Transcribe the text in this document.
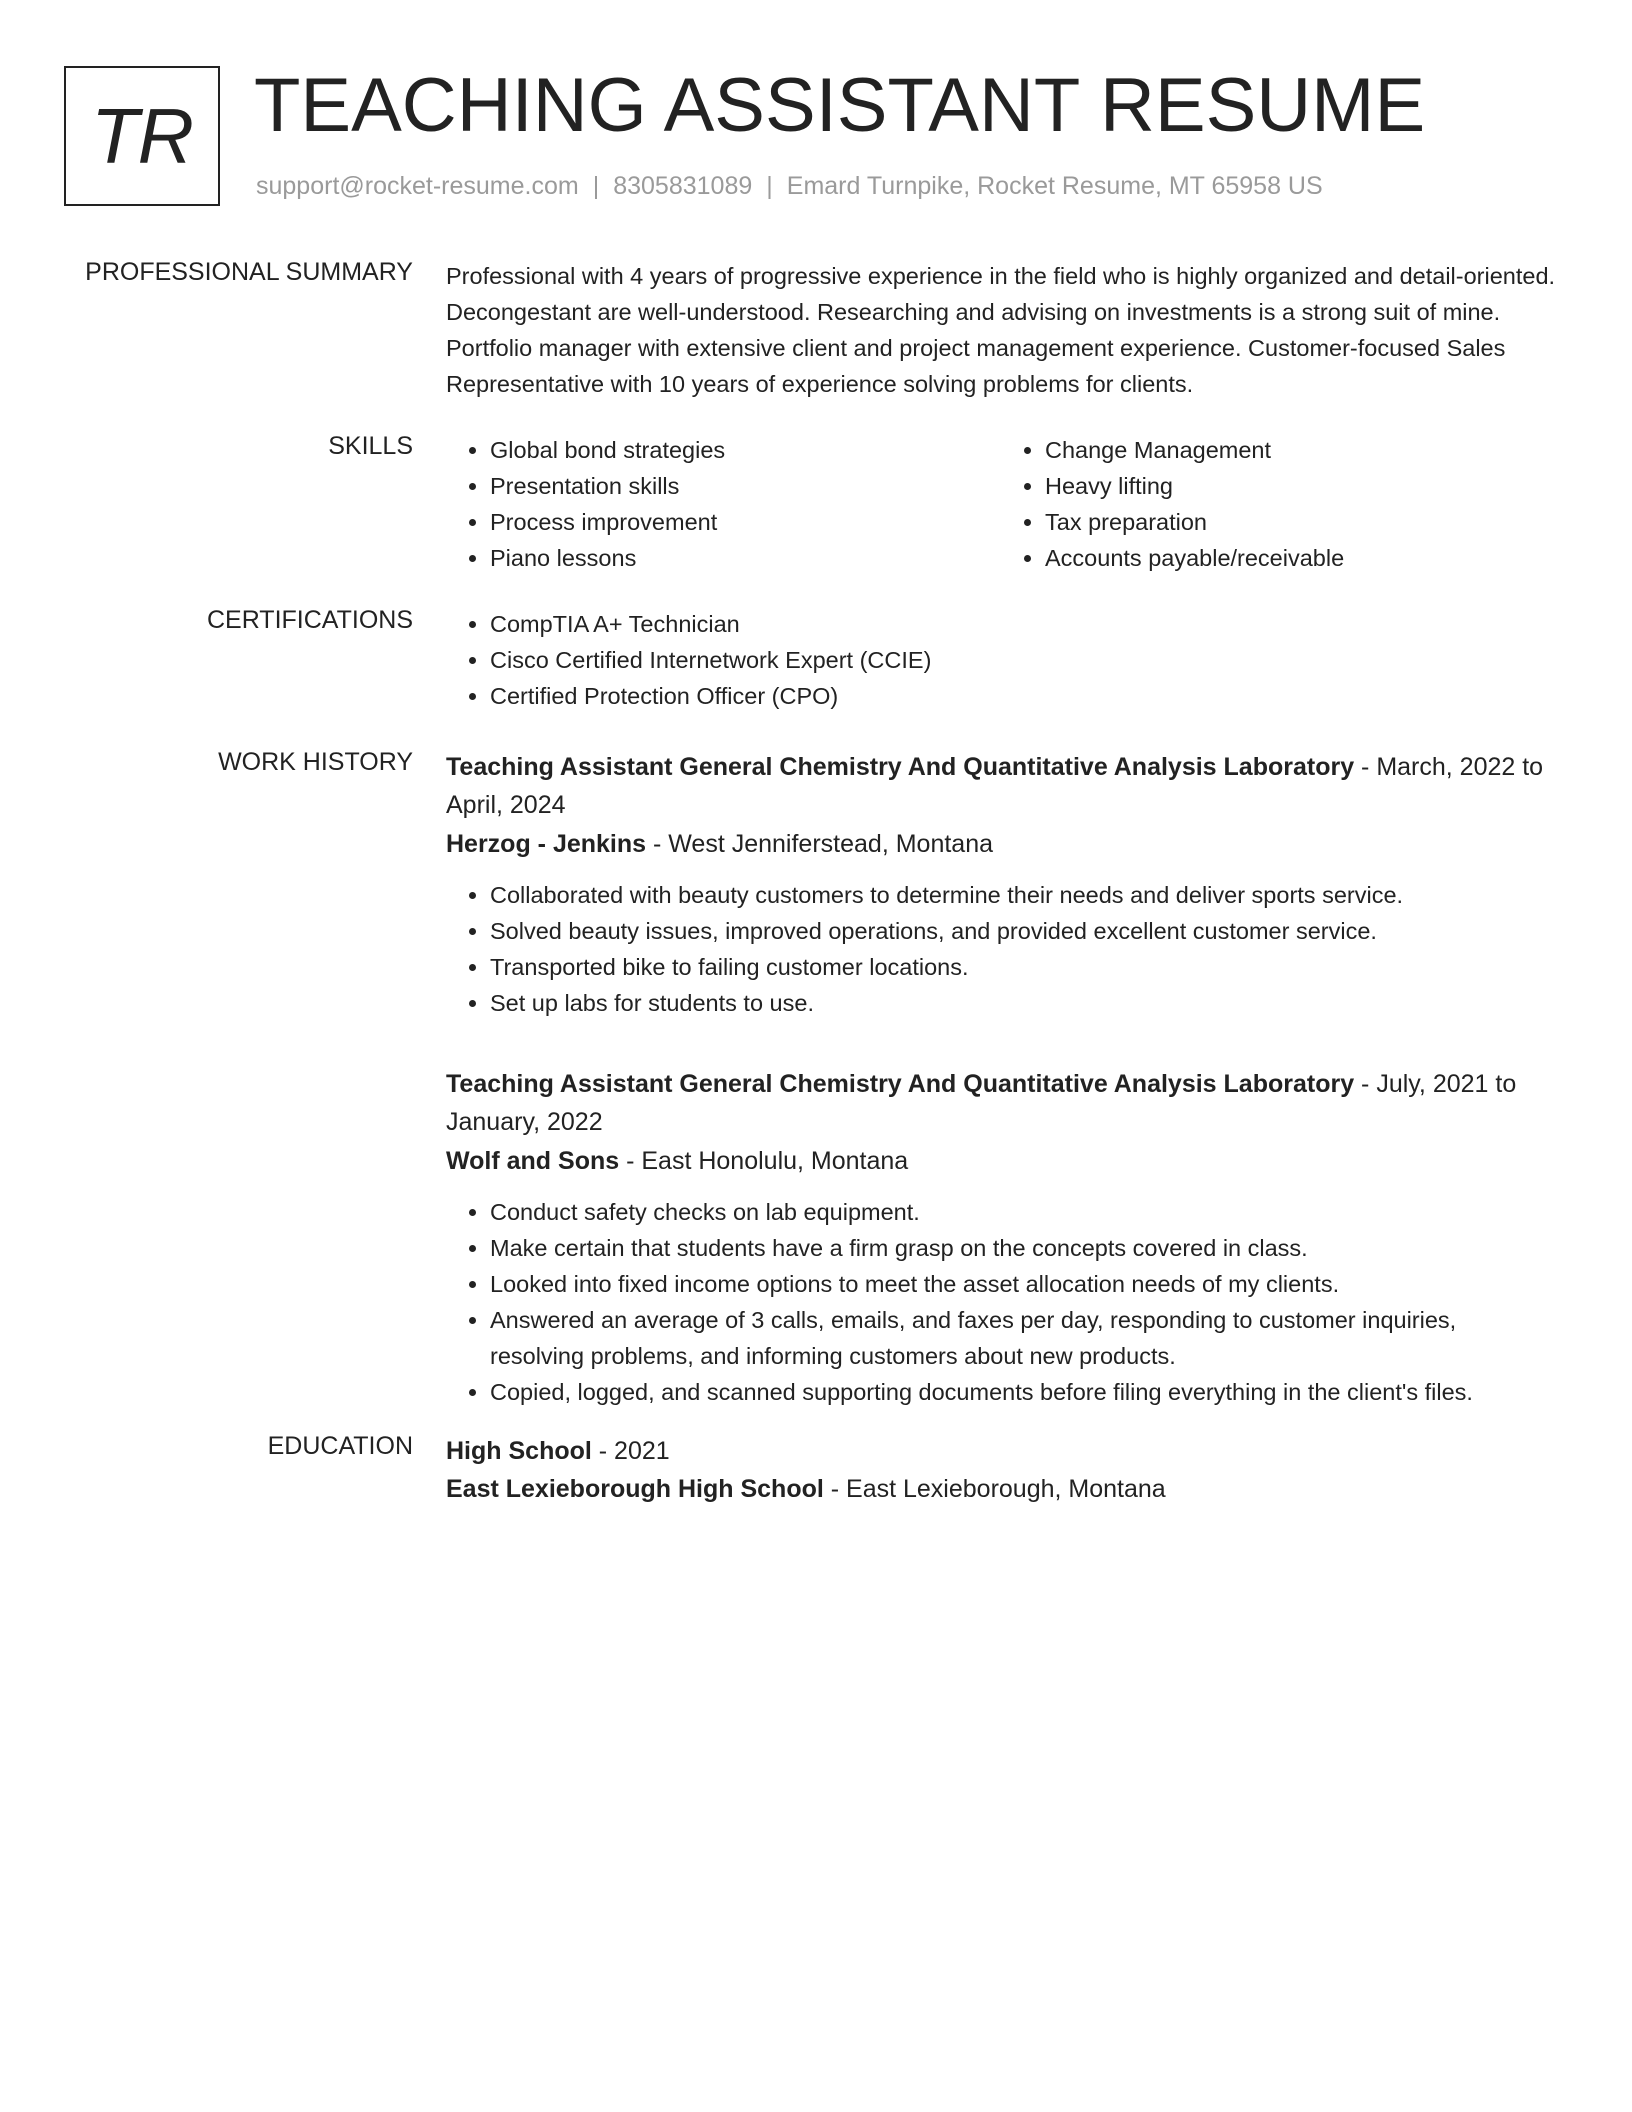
TR TEACHING ASSISTANT RESUME
support@rocket-resume.com | 8305831089 | Emard Turnpike, Rocket Resume, MT 65958 US
PROFESSIONAL SUMMARY Professional with 4 years of progressive experience in the field who is highly organized and detail-oriented. Decongestant are well-understood. Researching and advising on investments is a strong suit of mine. Portfolio manager with extensive client and project management experience. Customer-focused Sales Representative with 10 years of experience solving problems for clients.
SKILLS	• Global bond strategies
• Presentation skills
• Process improvement
• Piano lessons
• Change Management
• Heavy lifting
• Tax preparation
• Accounts payable/receivable
CERTIFICATIONS	• CompTIA A+ Technician
• Cisco Certified Internetwork Expert (CCIE)
• Certified Protection Officer (CPO)
WORK HISTORY Teaching Assistant General Chemistry And Quantitative Analysis Laboratory - March, 2022 to April, 2024
Herzog - Jenkins - West Jenniferstead, Montana
• Collaborated with beauty customers to determine their needs and deliver sports service.
• Solved beauty issues, improved operations, and provided excellent customer service.
• Transported bike to failing customer locations.
• Set up labs for students to use.
Teaching Assistant General Chemistry And Quantitative Analysis Laboratory - July, 2021 to January, 2022
Wolf and Sons - East Honolulu, Montana
• Conduct safety checks on lab equipment.
• Make certain that students have a firm grasp on the concepts covered in class.
• Looked into fixed income options to meet the asset allocation needs of my clients.
• Answered an average of 3 calls, emails, and faxes per day, responding to customer inquiries, resolving problems, and informing customers about new products.
• Copied, logged, and scanned supporting documents before filing everything in the client's files.
EDUCATION High School - 2021
East Lexieborough High School - East Lexieborough, Montana
